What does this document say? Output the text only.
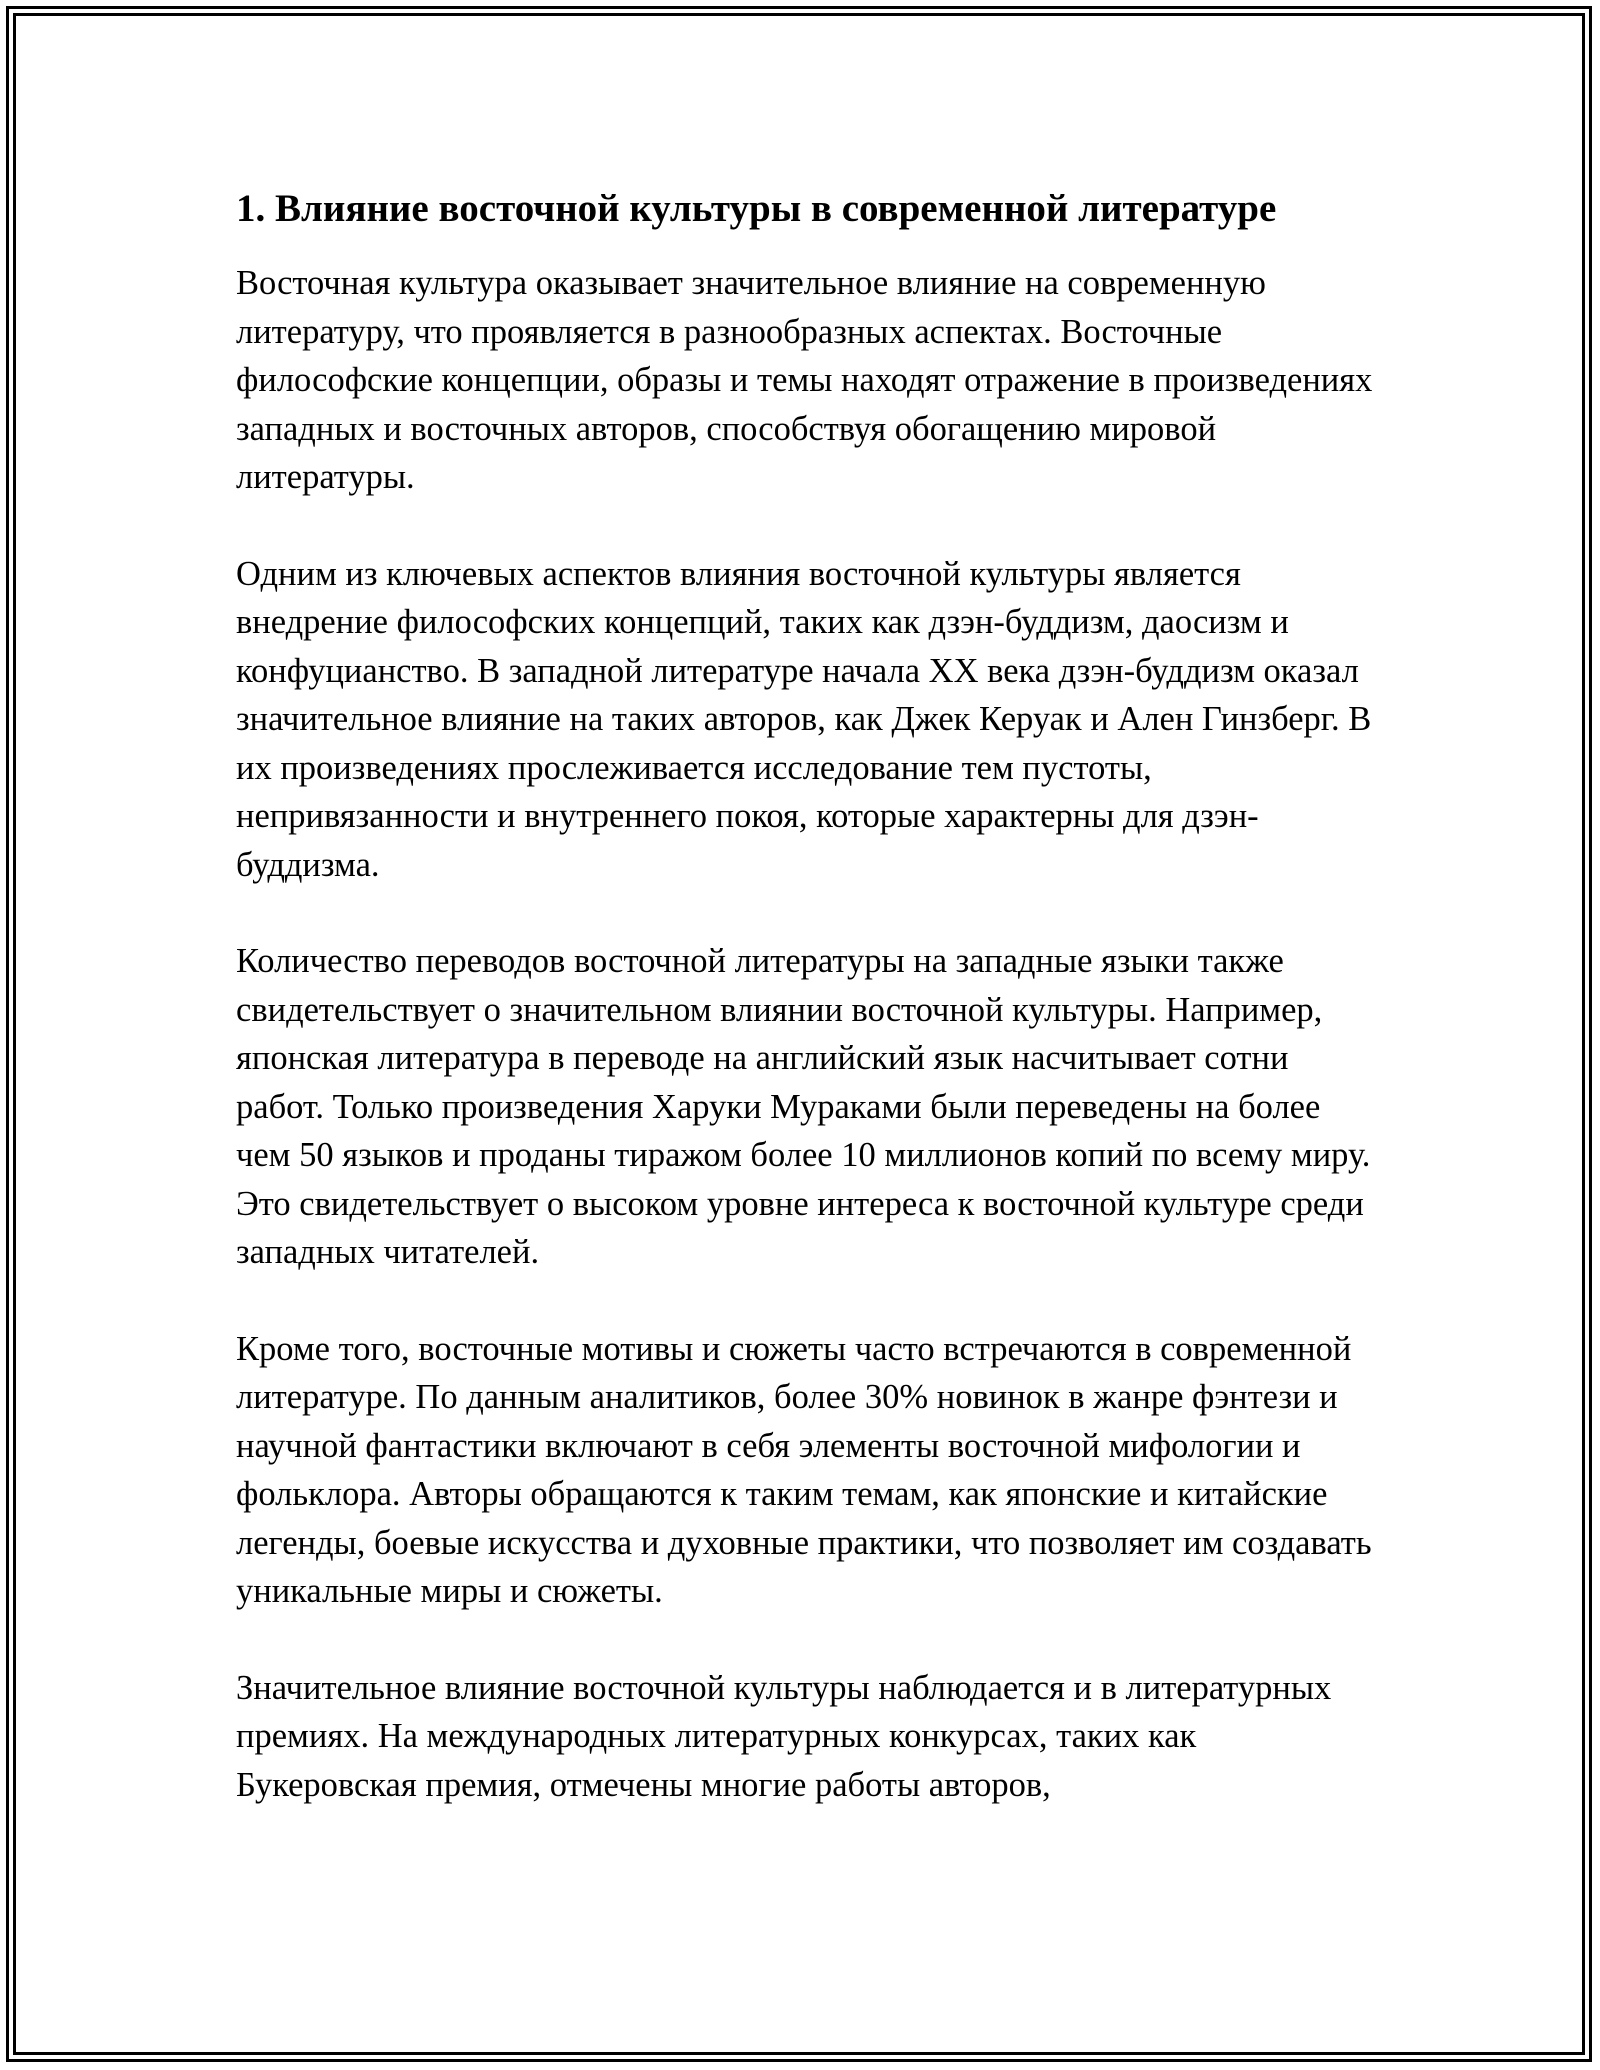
1. Влияние восточной культуры в современной литературе

Восточная культура оказывает значительное влияние на современную литературу, что проявляется в разнообразных аспектах. Восточные философские концепции, образы и темы находят отражение в произведениях западных и восточных авторов, способствуя обогащению мировой литературы.

Одним из ключевых аспектов влияния восточной культуры является внедрение философских концепций, таких как дзэн-буддизм, даосизм и конфуцианство. В западной литературе начала XX века дзэн-буддизм оказал значительное влияние на таких авторов, как Джек Керуак и Ален Гинзберг. В их произведениях прослеживается исследование тем пустоты, непривязанности и внутреннего покоя, которые характерны для дзэн-буддизма.

Количество переводов восточной литературы на западные языки также свидетельствует о значительном влиянии восточной культуры. Например, японская литература в переводе на английский язык насчитывает сотни работ. Только произведения Харуки Мураками были переведены на более чем 50 языков и проданы тиражом более 10 миллионов копий по всему миру. Это свидетельствует о высоком уровне интереса к восточной культуре среди западных читателей.

Кроме того, восточные мотивы и сюжеты часто встречаются в современной литературе. По данным аналитиков, более 30% новинок в жанре фэнтези и научной фантастики включают в себя элементы восточной мифологии и фольклора. Авторы обращаются к таким темам, как японские и китайские легенды, боевые искусства и духовные практики, что позволяет им создавать уникальные миры и сюжеты.

Значительное влияние восточной культуры наблюдается и в литературных премиях. На международных литературных конкурсах, таких как Букеровская премия, отмечены многие работы авторов,
